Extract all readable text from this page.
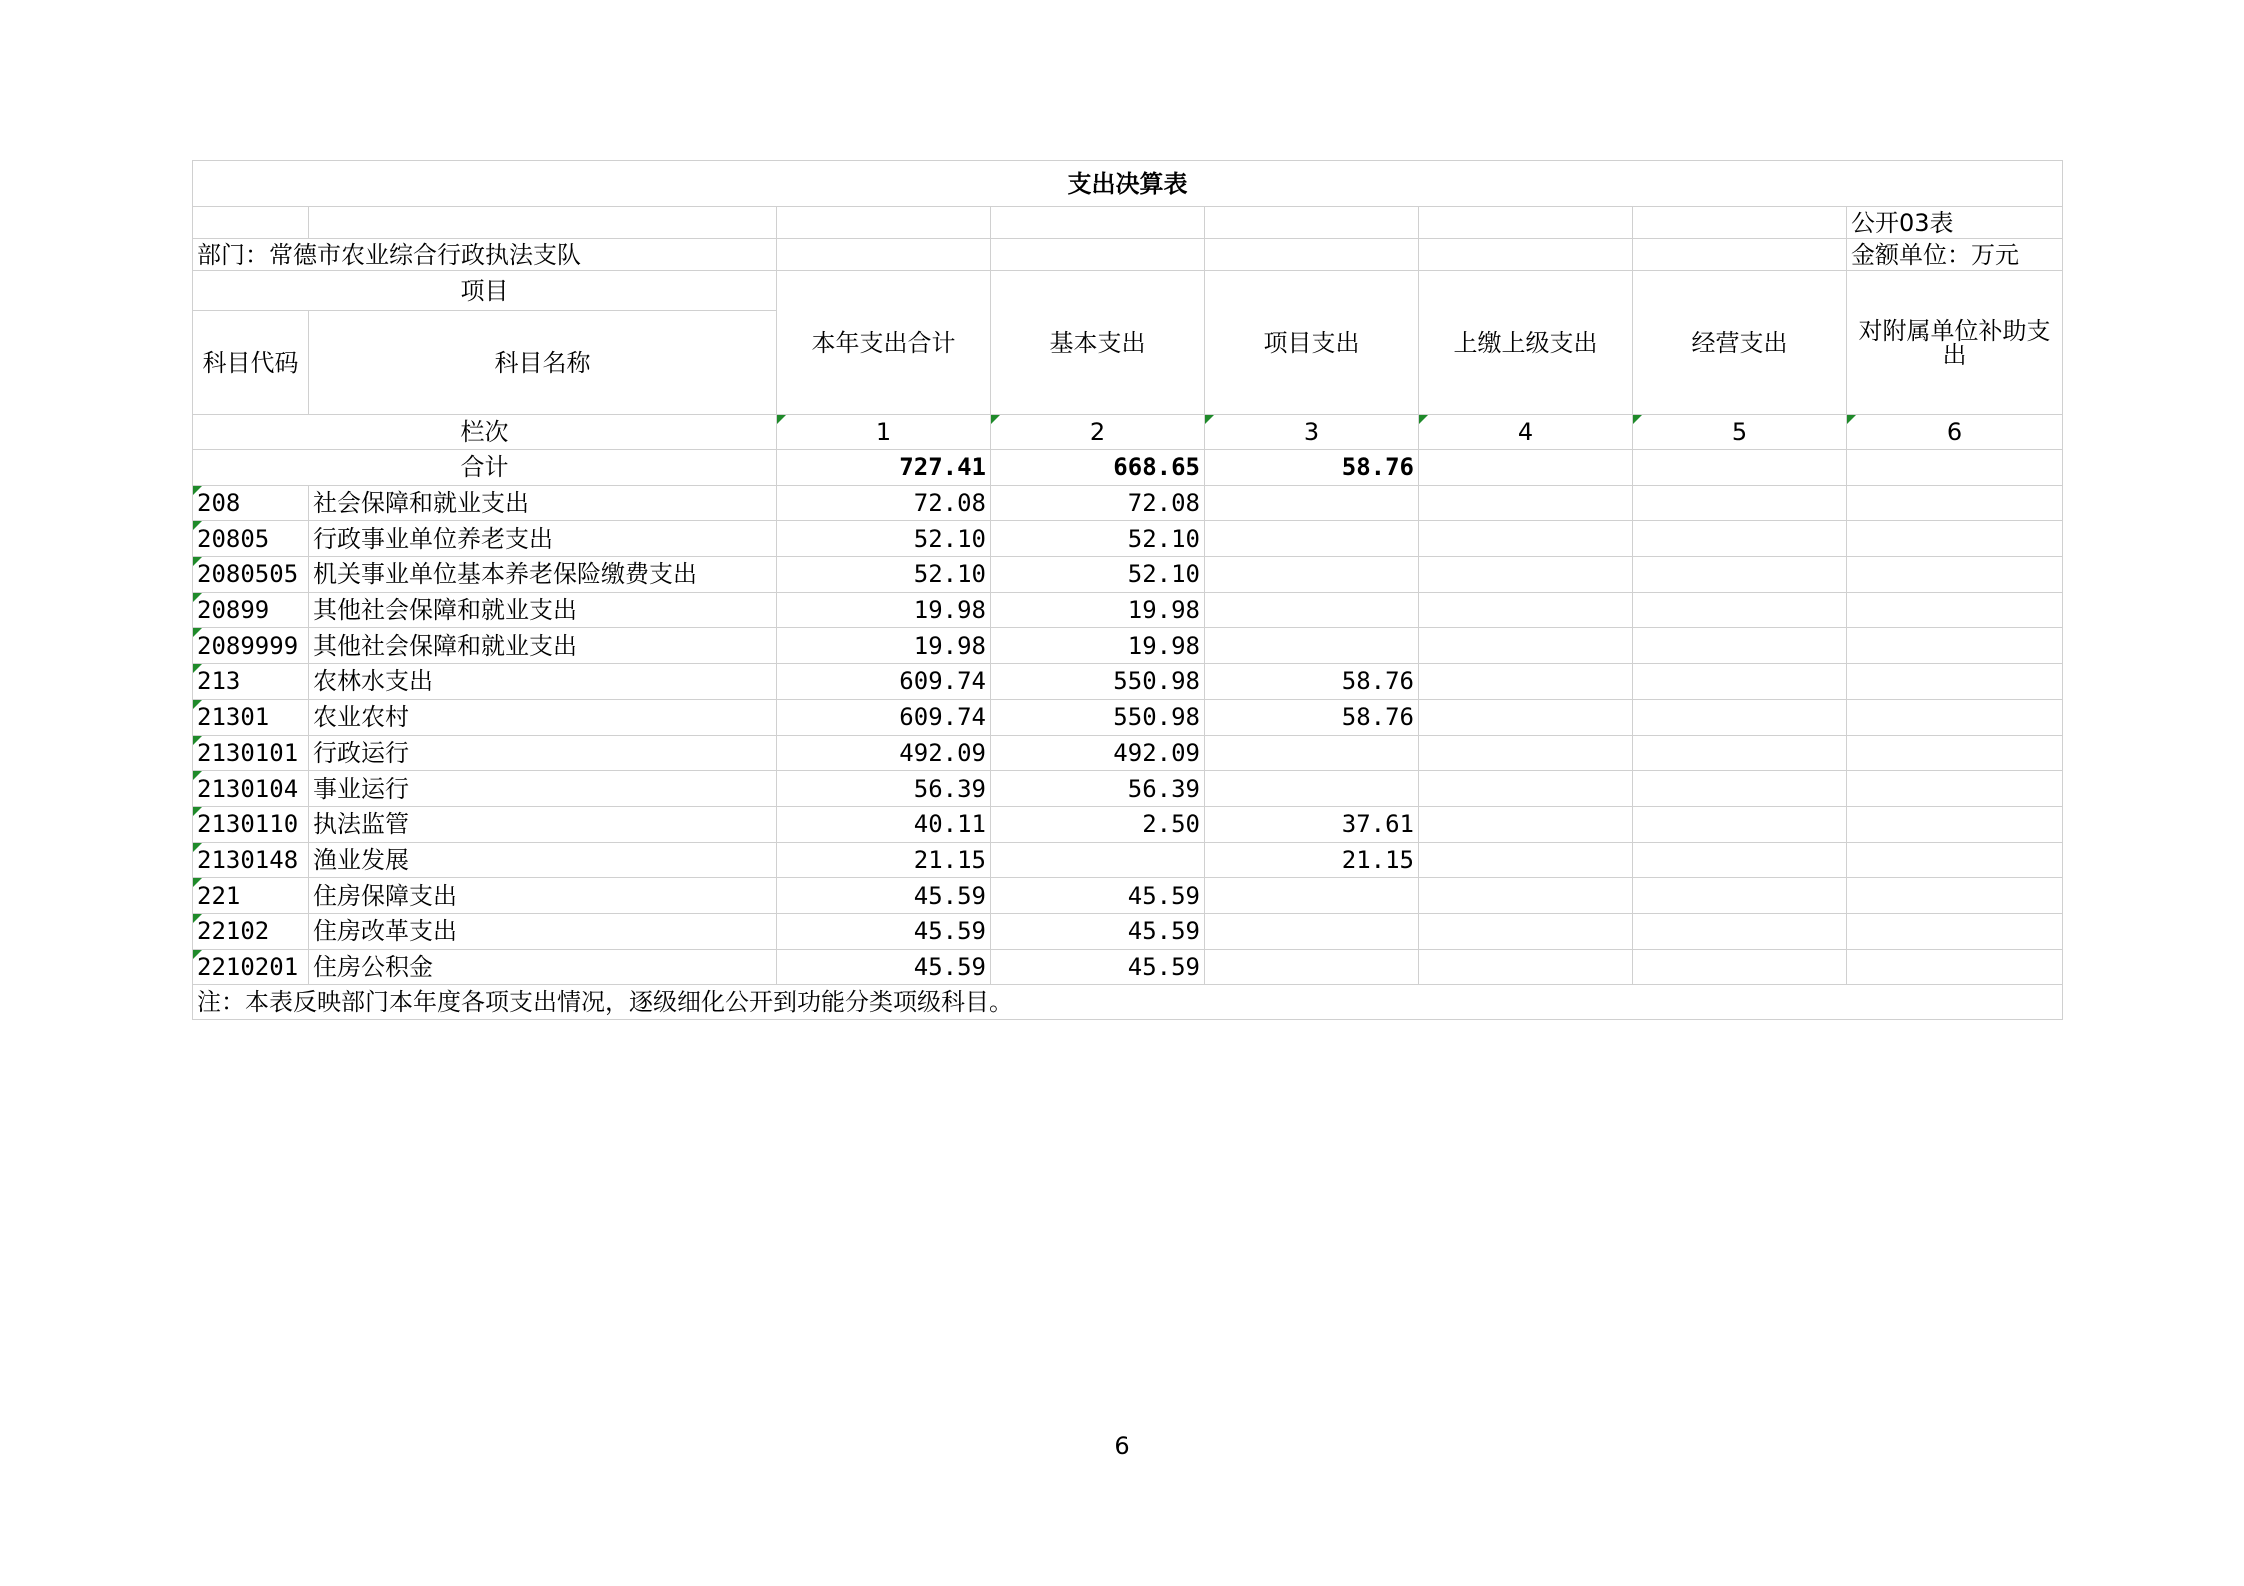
支出决算表							
							公开03表
部门：常德市农业综合行政执法支队							金额单位：万元
项目		本年支出合计	基本支出	项目支出	上缴上级支出	经营支出	对附属单位补助支出
科目代码	科目名称						
栏次		1	2	3	4	5	6
合计		727.41	668.65	58.76			
208	社会保障和就业支出	72.08	72.08				
20805	行政事业单位养老支出	52.10	52.10				
2080505	机关事业单位基本养老保险缴费支出	52.10	52.10				
20899	其他社会保障和就业支出	19.98	19.98				
2089999	其他社会保障和就业支出	19.98	19.98				
213	农林水支出	609.74	550.98	58.76			
21301	农业农村	609.74	550.98	58.76			
2130101	行政运行	492.09	492.09				
2130104	事业运行	56.39	56.39				
2130110	执法监管	40.11	2.50	37.61			
2130148	渔业发展	21.15		21.15			
221	住房保障支出	45.59	45.59				
22102	住房改革支出	45.59	45.59				
2210201	住房公积金	45.59	45.59				
注：本表反映部门本年度各项支出情况，逐级细化公开到功能分类项级科目。							
6
